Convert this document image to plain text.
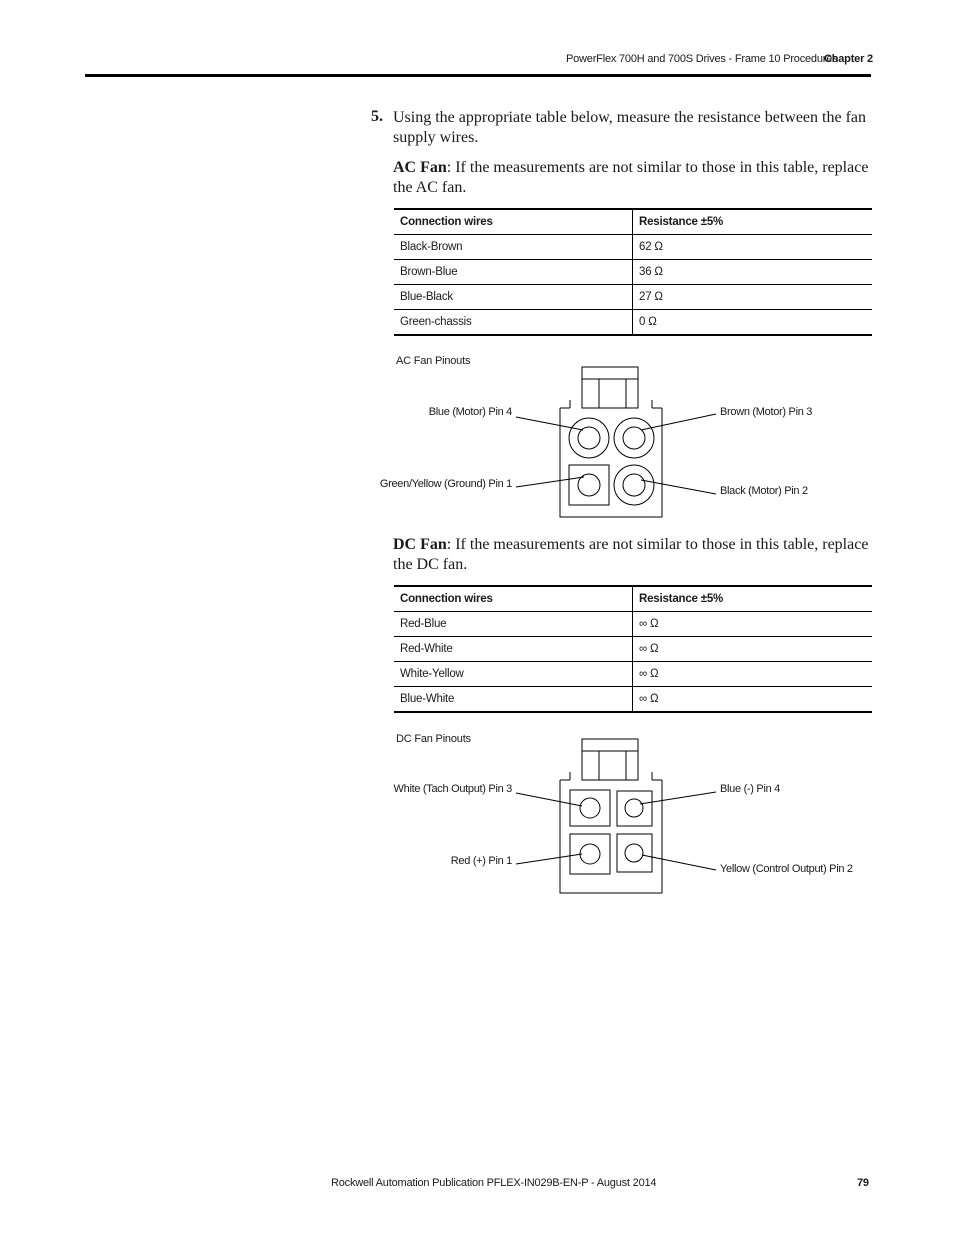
PowerFlex 700H and 700S Drives - Frame 10 Procedures
Chapter 2
5. Using the appropriate table below, measure the resistance between the fan supply wires.
AC Fan: If the measurements are not similar to those in this table, replace the AC fan.
Connection wires	Resistance ±5%
Black-Brown	62 Ω
Brown-Blue	36 Ω
Blue-Black	27 Ω
Green-chassis	0 Ω
AC Fan Pinouts
Blue (Motor) Pin 4	Brown (Motor) Pin 3
Green/Yellow (Ground) Pin 1
Black (Motor) Pin 2
DC Fan: If the measurements are not similar to those in this table, replace the DC fan.
Connection wires	Resistance ±5%
Red-Blue	∞ Ω
Red-White	∞ Ω
White-Yellow	∞ Ω
Blue-White	∞ Ω
DC Fan Pinouts
White (Tach Output) Pin 3	Blue (-) Pin 4
Red (+) Pin 1
Yellow (Control Output) Pin 2
Rockwell Automation Publication PFLEX-IN029B-EN-P - August 2014	79
